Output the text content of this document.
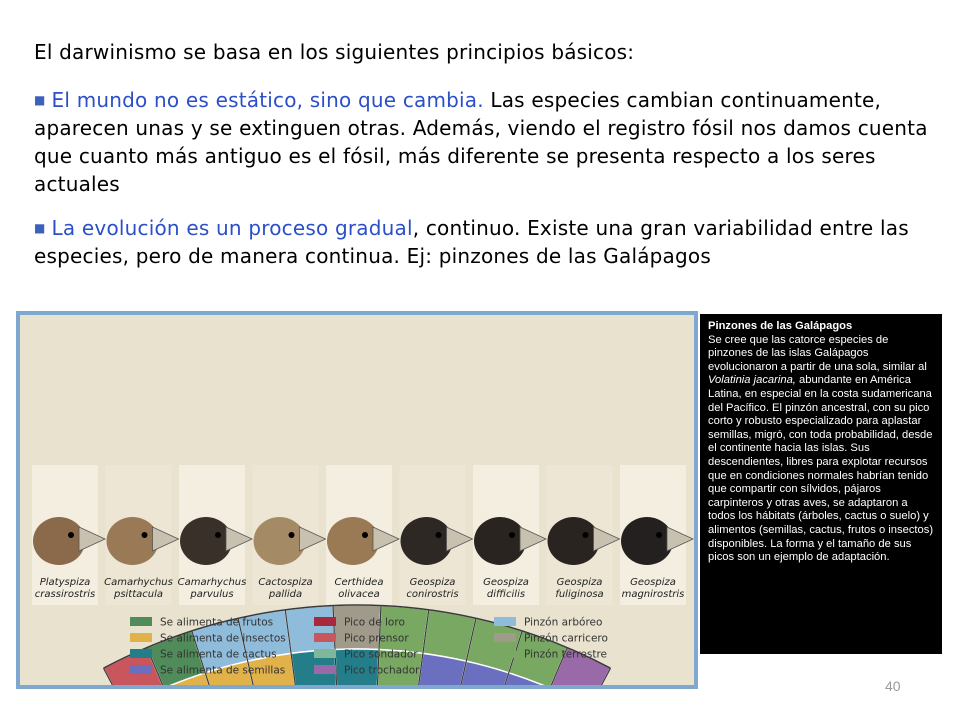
El darwinismo se basa en los siguientes principios básicos:
■ El mundo no es estático, sino que cambia. Las especies cambian continuamente, aparecen unas y se extinguen otras. Además, viendo el registro fósil nos damos cuenta que cuanto más antiguo es el fósil, más diferente se presenta respecto a los seres actuales
■ La evolución es un proceso gradual, continuo. Existe una gran variabilidad entre las especies, pero de manera continua. Ej: pinzones de las Galápagos
Platyspiza
crassirostris
Camarhychus
psittacula
Camarhychus
parvulus
Cactospiza
pallida
Certhidea
olivacea
Geospiza
conirostris
Geospiza
difficilis
Geospiza
fuliginosa
Geospiza
magnirostris
Se alimenta de frutos
Se alimenta de insectos
Se alimenta de cactus
Se alimenta de semillas
Pico de loro
Pico prensor
Pico sondador
Pico trochador
Pinzón arbóreo
Pinzón carricero
Pinzón terrestre
Pinzones de las Galápagos
Se cree que las catorce especies de pinzones de las islas Galápagos evolucionaron a partir de una sola, similar al Volatinia jacarina, abundante en América Latina, en especial en la costa sudamericana del Pacífico. El pinzón ancestral, con su pico corto y robusto especializado para aplastar semillas, migró, con toda probabilidad, desde el continente hacia las islas. Sus descendientes, libres para explotar recursos que en condiciones normales habrían tenido que compartir con sílvidos, pájaros carpinteros y otras aves, se adaptaron a todos los hábitats (árboles, cactus o suelo) y alimentos (semillas, cactus, frutos o insectos) disponibles. La forma y el tamaño de sus picos son un ejemplo de adaptación.
40
